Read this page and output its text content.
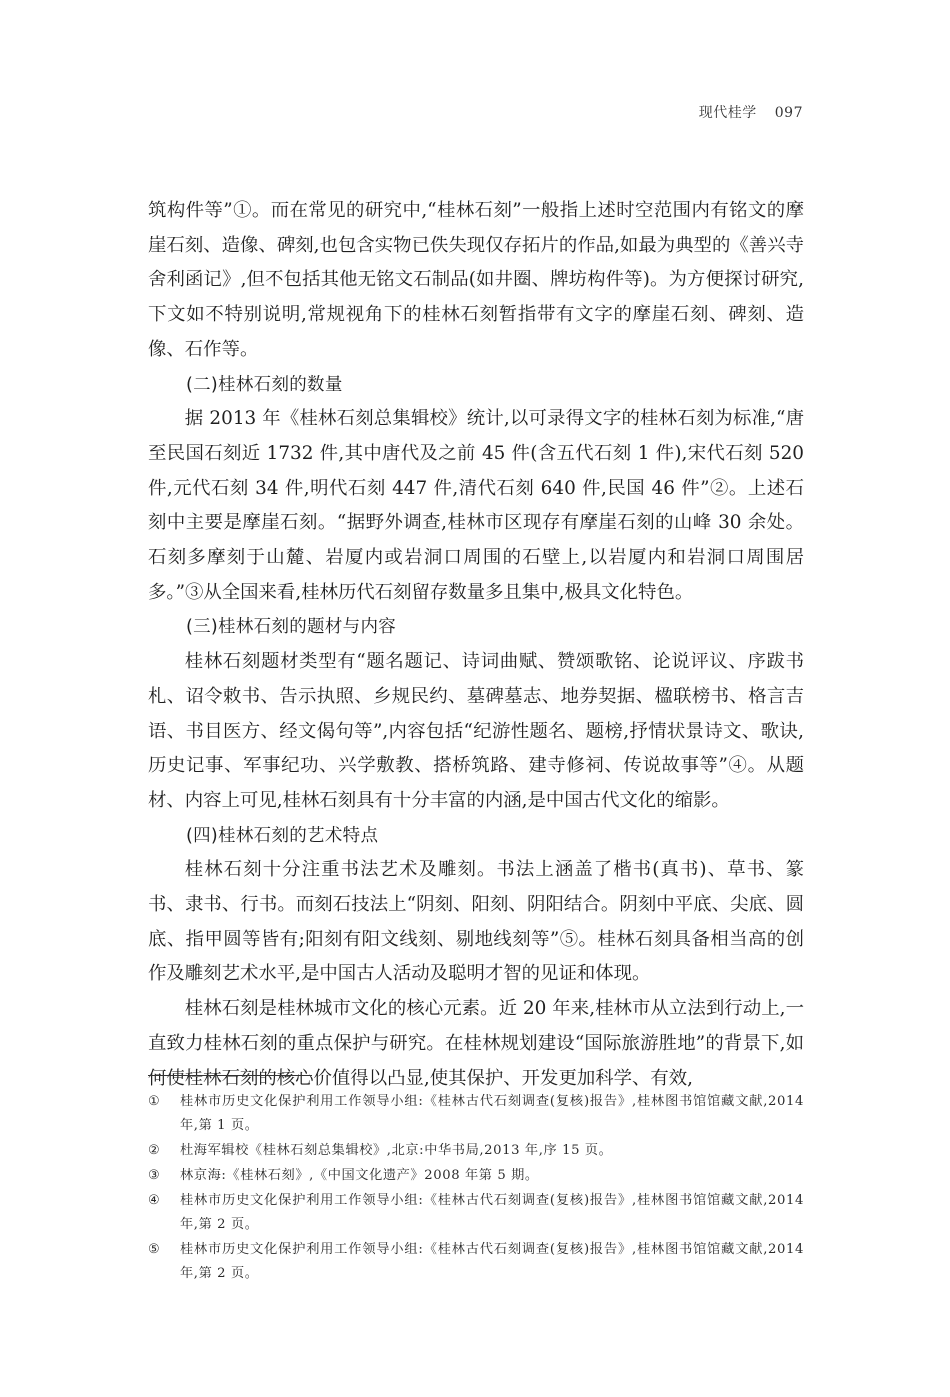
现代桂学 097

筑构件等”①。而在常见的研究中,“桂林石刻”一般指上述时空范围内有铭文的摩崖石刻、造像、碑刻,也包含实物已佚失现仅存拓片的作品,如最为典型的《善兴寺舍利函记》,但不包括其他无铭文石制品(如井圈、牌坊构件等)。为方便探讨研究,下文如不特别说明,常规视角下的桂林石刻暂指带有文字的摩崖石刻、碑刻、造像、石作等。

(二)桂林石刻的数量

据 2013 年《桂林石刻总集辑校》统计,以可录得文字的桂林石刻为标准,“唐至民国石刻近 1732 件,其中唐代及之前 45 件(含五代石刻 1 件),宋代石刻 520 件,元代石刻 34 件,明代石刻 447 件,清代石刻 640 件,民国 46 件”②。上述石刻中主要是摩崖石刻。“据野外调查,桂林市区现存有摩崖石刻的山峰 30 余处。石刻多摩刻于山麓、岩厦内或岩洞口周围的石壁上,以岩厦内和岩洞口周围居多。”③从全国来看,桂林历代石刻留存数量多且集中,极具文化特色。

(三)桂林石刻的题材与内容

桂林石刻题材类型有“题名题记、诗词曲赋、赞颂歌铭、论说评议、序跋书札、诏令敕书、告示执照、乡规民约、墓碑墓志、地券契据、楹联榜书、格言吉语、书目医方、经文偈句等”,内容包括“纪游性题名、题榜,抒情状景诗文、歌诀,历史记事、军事纪功、兴学敷教、搭桥筑路、建寺修祠、传说故事等”④。从题材、内容上可见,桂林石刻具有十分丰富的内涵,是中国古代文化的缩影。

(四)桂林石刻的艺术特点

桂林石刻十分注重书法艺术及雕刻。书法上涵盖了楷书(真书)、草书、篆书、隶书、行书。而刻石技法上“阴刻、阳刻、阴阳结合。阴刻中平底、尖底、圆底、指甲圆等皆有;阳刻有阳文线刻、剔地线刻等”⑤。桂林石刻具备相当高的创作及雕刻艺术水平,是中国古人活动及聪明才智的见证和体现。

桂林石刻是桂林城市文化的核心元素。近 20 年来,桂林市从立法到行动上,一直致力桂林石刻的重点保护与研究。在桂林规划建设“国际旅游胜地”的背景下,如何使桂林石刻的核心价值得以凸显,使其保护、开发更加科学、有效,

①	桂林市历史文化保护利用工作领导小组:《桂林古代石刻调查(复核)报告》,桂林图书馆馆藏文献,2014 年,第 1 页。
②	杜海军辑校《桂林石刻总集辑校》,北京:中华书局,2013 年,序 15 页。
③	林京海:《桂林石刻》,《中国文化遗产》2008 年第 5 期。
④	桂林市历史文化保护利用工作领导小组:《桂林古代石刻调查(复核)报告》,桂林图书馆馆藏文献,2014 年,第 2 页。
⑤	桂林市历史文化保护利用工作领导小组:《桂林古代石刻调查(复核)报告》,桂林图书馆馆藏文献,2014 年,第 2 页。
